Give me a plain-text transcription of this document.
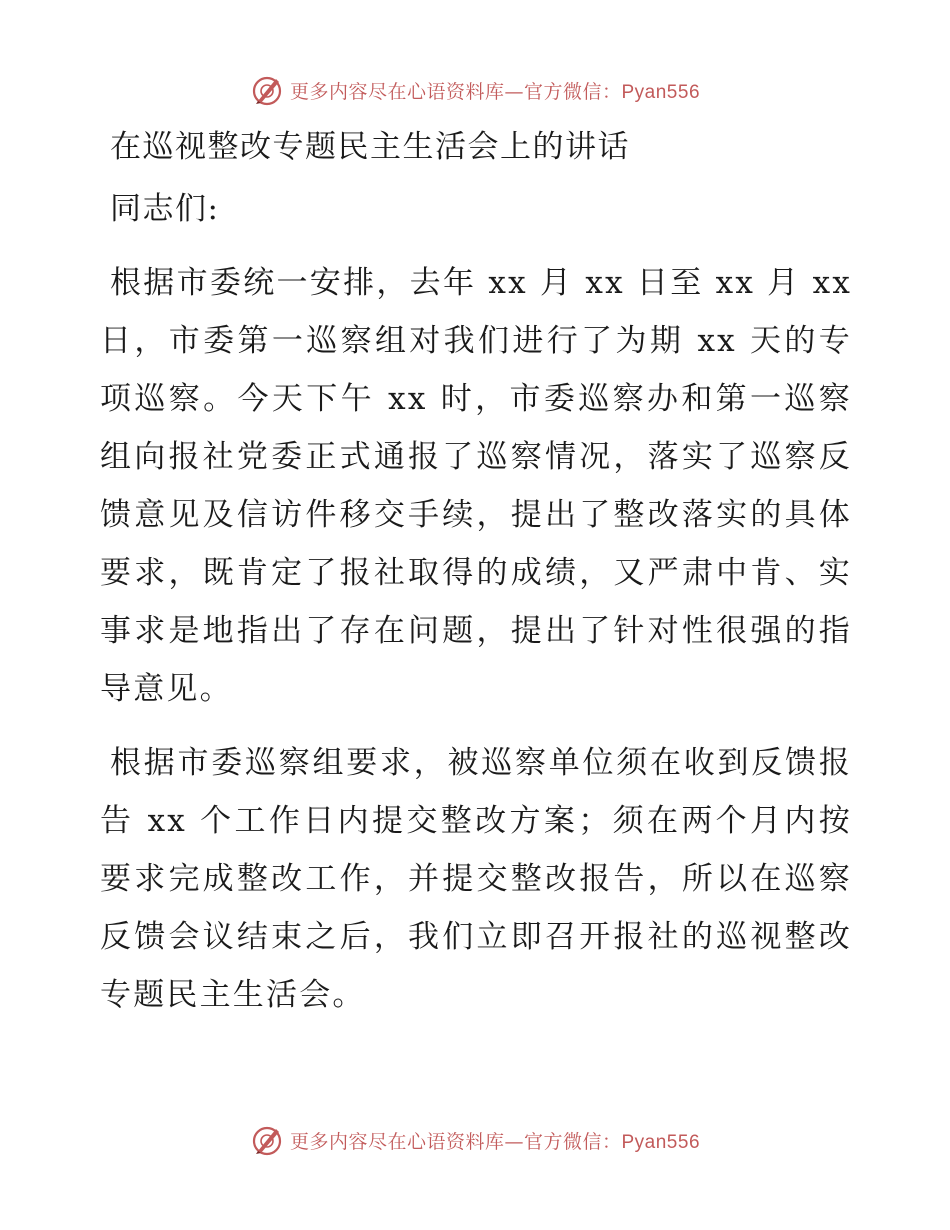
更多内容尽在心语资料库—官方微信：Pyan556
在巡视整改专题民主生活会上的讲话

同志们:

根据市委统一安排，去年 xx 月 xx 日至 xx 月 xx 日，市委第一巡察组对我们进行了为期 xx 天的专项巡察。今天下午 xx 时，市委巡察办和第一巡察组向报社党委正式通报了巡察情况，落实了巡察反馈意见及信访件移交手续，提出了整改落实的具体要求，既肯定了报社取得的成绩，又严肃中肯、实事求是地指出了存在问题，提出了针对性很强的指导意见。

根据市委巡察组要求，被巡察单位须在收到反馈报告 xx 个工作日内提交整改方案；须在两个月内按要求完成整改工作，并提交整改报告，所以在巡察反馈会议结束之后，我们立即召开报社的巡视整改专题民主生活会。

更多内容尽在心语资料库—官方微信：Pyan556
